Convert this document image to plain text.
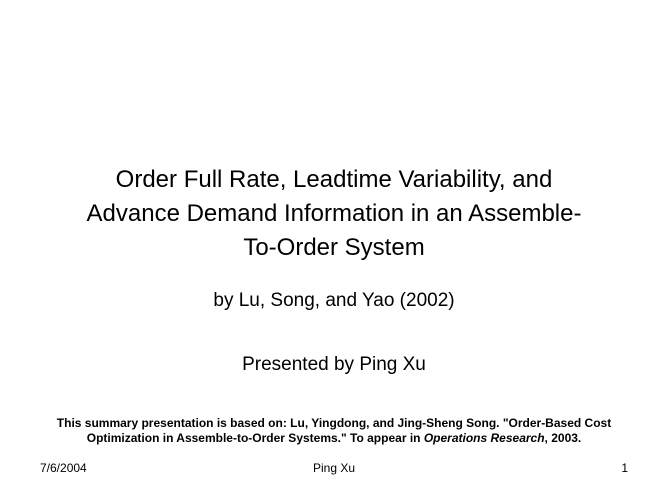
Order Full Rate, Leadtime Variability, and
Advance Demand Information in an Assemble-
To-Order System
by Lu, Song, and Yao (2002)
Presented by Ping Xu
This summary presentation is based on: Lu, Yingdong, and Jing-Sheng Song. "Order-Based Cost
Optimization in Assemble-to-Order Systems." To appear in Operations Research, 2003.
7/6/2004	Ping Xu	1
